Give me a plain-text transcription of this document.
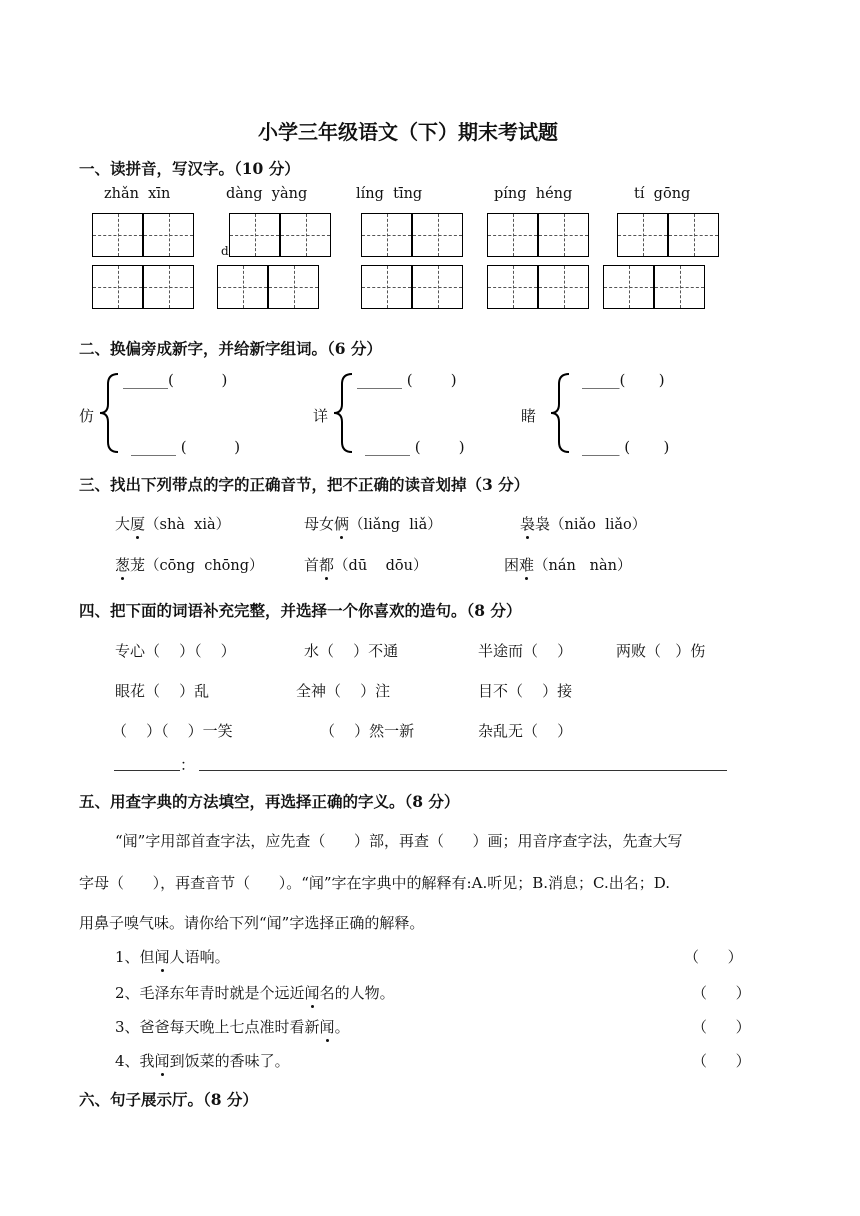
小学三年级语文（下）期末考试题
一、读拼音，写汉字。（10 分）
zhǎn  xīn	dàng  yàng	líng  tīng	píng  héng	tí  gōng
d
二、换偏旁成新字，并给新字组词。（6 分）
仿
______(          )
______ (          )
详
______ (        )
______ (        )
睹
_____(       )
_____ (       )
三、找出下列带点的字的正确音节，把不正确的读音划掉（3 分）
大厦（shà  xià）	母女俩（liǎng  liǎ）	袅袅（niǎo  liǎo）
葱茏（cōng  chōng）	首都（dū    dōu）	困难（nán   nàn）
四、把下面的词语补充完整，并选择一个你喜欢的造句。（8 分）
专心（    ）（    ）	水（    ）不通	半途而（    ）	两败（   ）伤
眼花（    ）乱	全神（    ）注	目不（    ）接
（    ）（    ）一笑	（    ）然一新	杂乱无（    ）
：
五、用查字典的方法填空，再选择正确的字义。（8 分）
“闻”字用部首查字法，应先查（      ）部，再查（      ）画；用音序查字法，先查大写
字母（      ），再查音节（      ）。“闻”字在字典中的解释有:A.听见；B.消息；C.出名；D.
用鼻子嗅气味。请你给下列“闻”字选择正确的解释。
1、但闻人语响。	（      ）
2、毛泽东年青时就是个远近闻名的人物。	（      ）
3、爸爸每天晚上七点准时看新闻。	（      ）
4、我闻到饭菜的香味了。	（      ）
六、句子展示厅。（8 分）
